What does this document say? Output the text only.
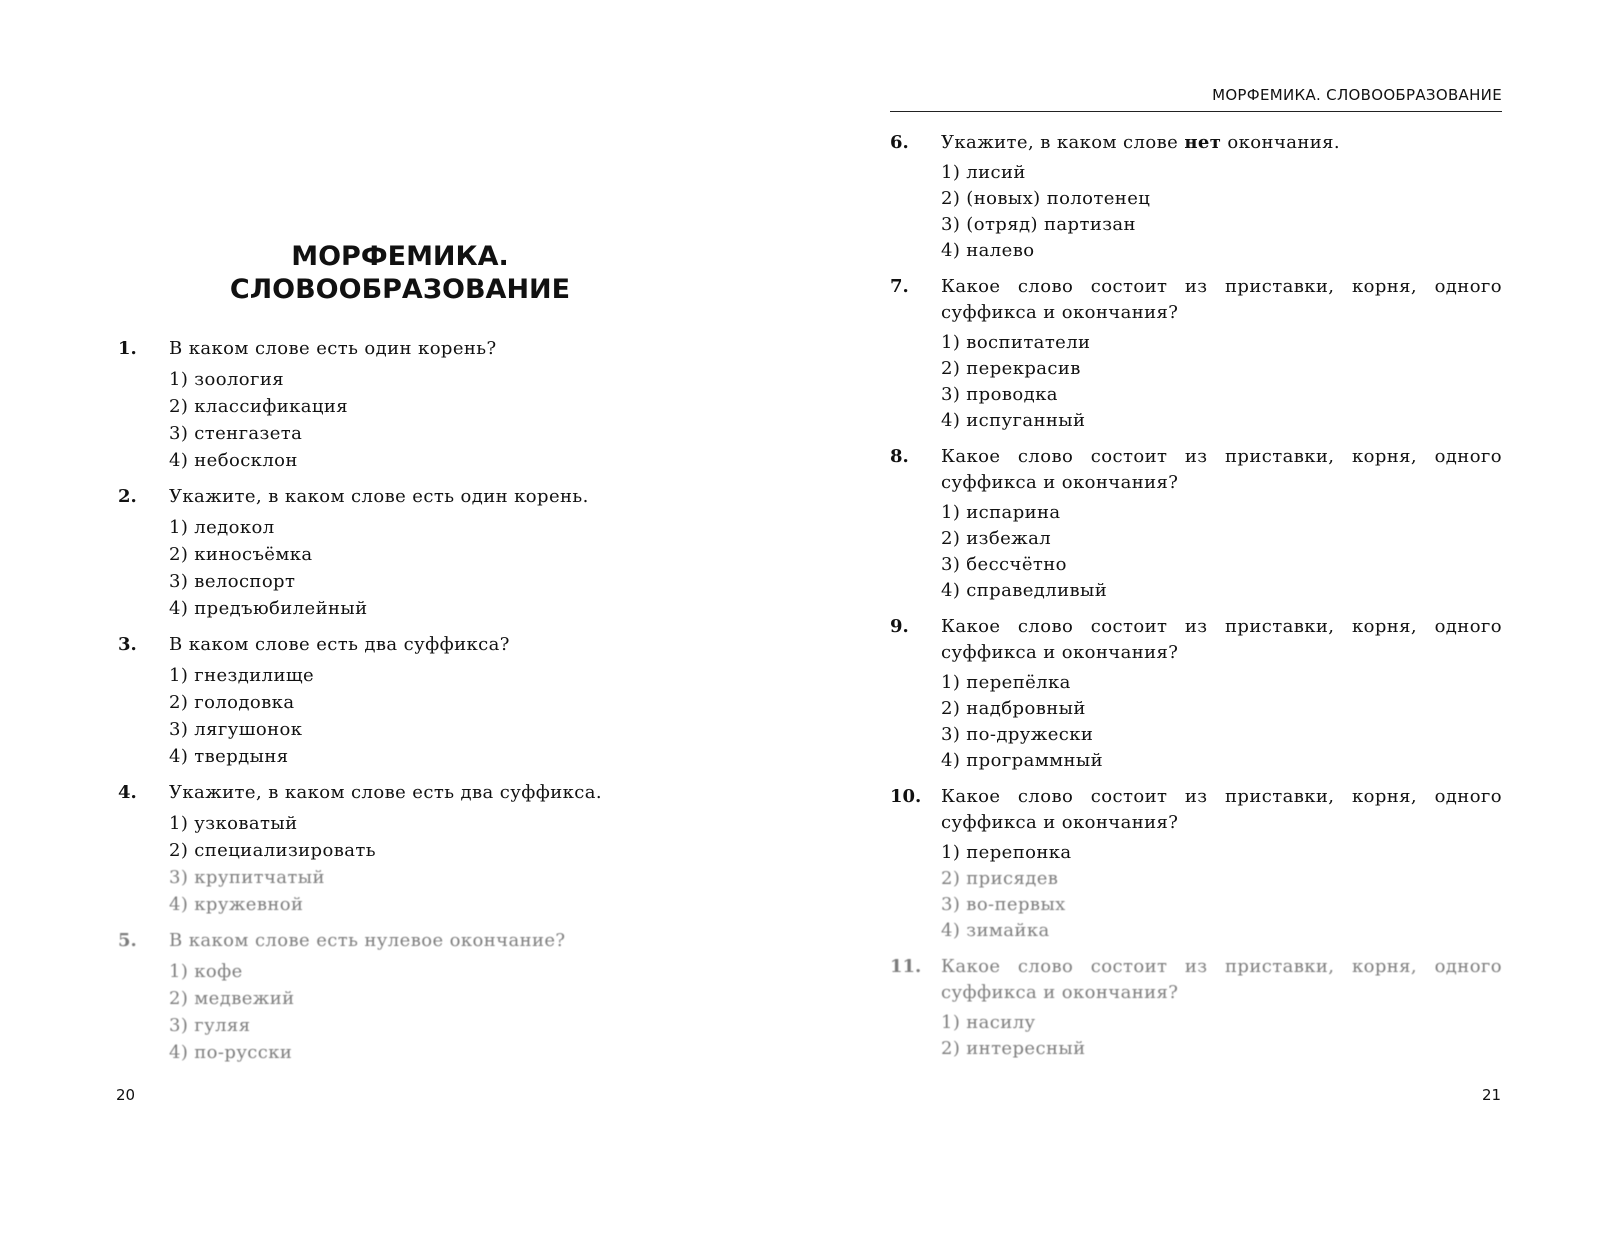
МОРФЕМИКА.
СЛОВООБРАЗОВАНИЕ
1. В каком слове есть один корень?
1) зоология
2) классификация
3) стенгазета
4) небосклон
2. Укажите, в каком слове есть один корень.
1) ледокол
2) киносъёмка
3) велоспорт
4) предъюбилейный
3. В каком слове есть два суффикса?
1) гнездилище
2) голодовка
3) лягушонок
4) твердыня
4. Укажите, в каком слове есть два суффикса.
1) узковатый
2) специализировать
3) крупитчатый
4) кружевной
5. В каком слове есть нулевое окончание?
1) кофе
2) медвежий
3) гуляя
4) по-русски
20
МОРФЕМИКА. СЛОВООБРАЗОВАНИЕ
6. Укажите, в каком слове нет окончания.
1) лисий
2) (новых) полотенец
3) (отряд) партизан
4) налево
7. Какое слово состоит из приставки, корня, одного суффикса и окончания?
1) воспитатели
2) перекрасив
3) проводка
4) испуганный
8. Какое слово состоит из приставки, корня, одного суффикса и окончания?
1) испарина
2) избежал
3) бессчётно
4) справедливый
9. Какое слово состоит из приставки, корня, одного суффикса и окончания?
1) перепёлка
2) надбровный
3) по-дружески
4) программный
10. Какое слово состоит из приставки, корня, одного суффикса и окончания?
1) перепонка
2) присядев
3) во-первых
4) зимайка
11. Какое слово состоит из приставки, корня, одного суффикса и окончания?
1) насилу
2) интересный
21
